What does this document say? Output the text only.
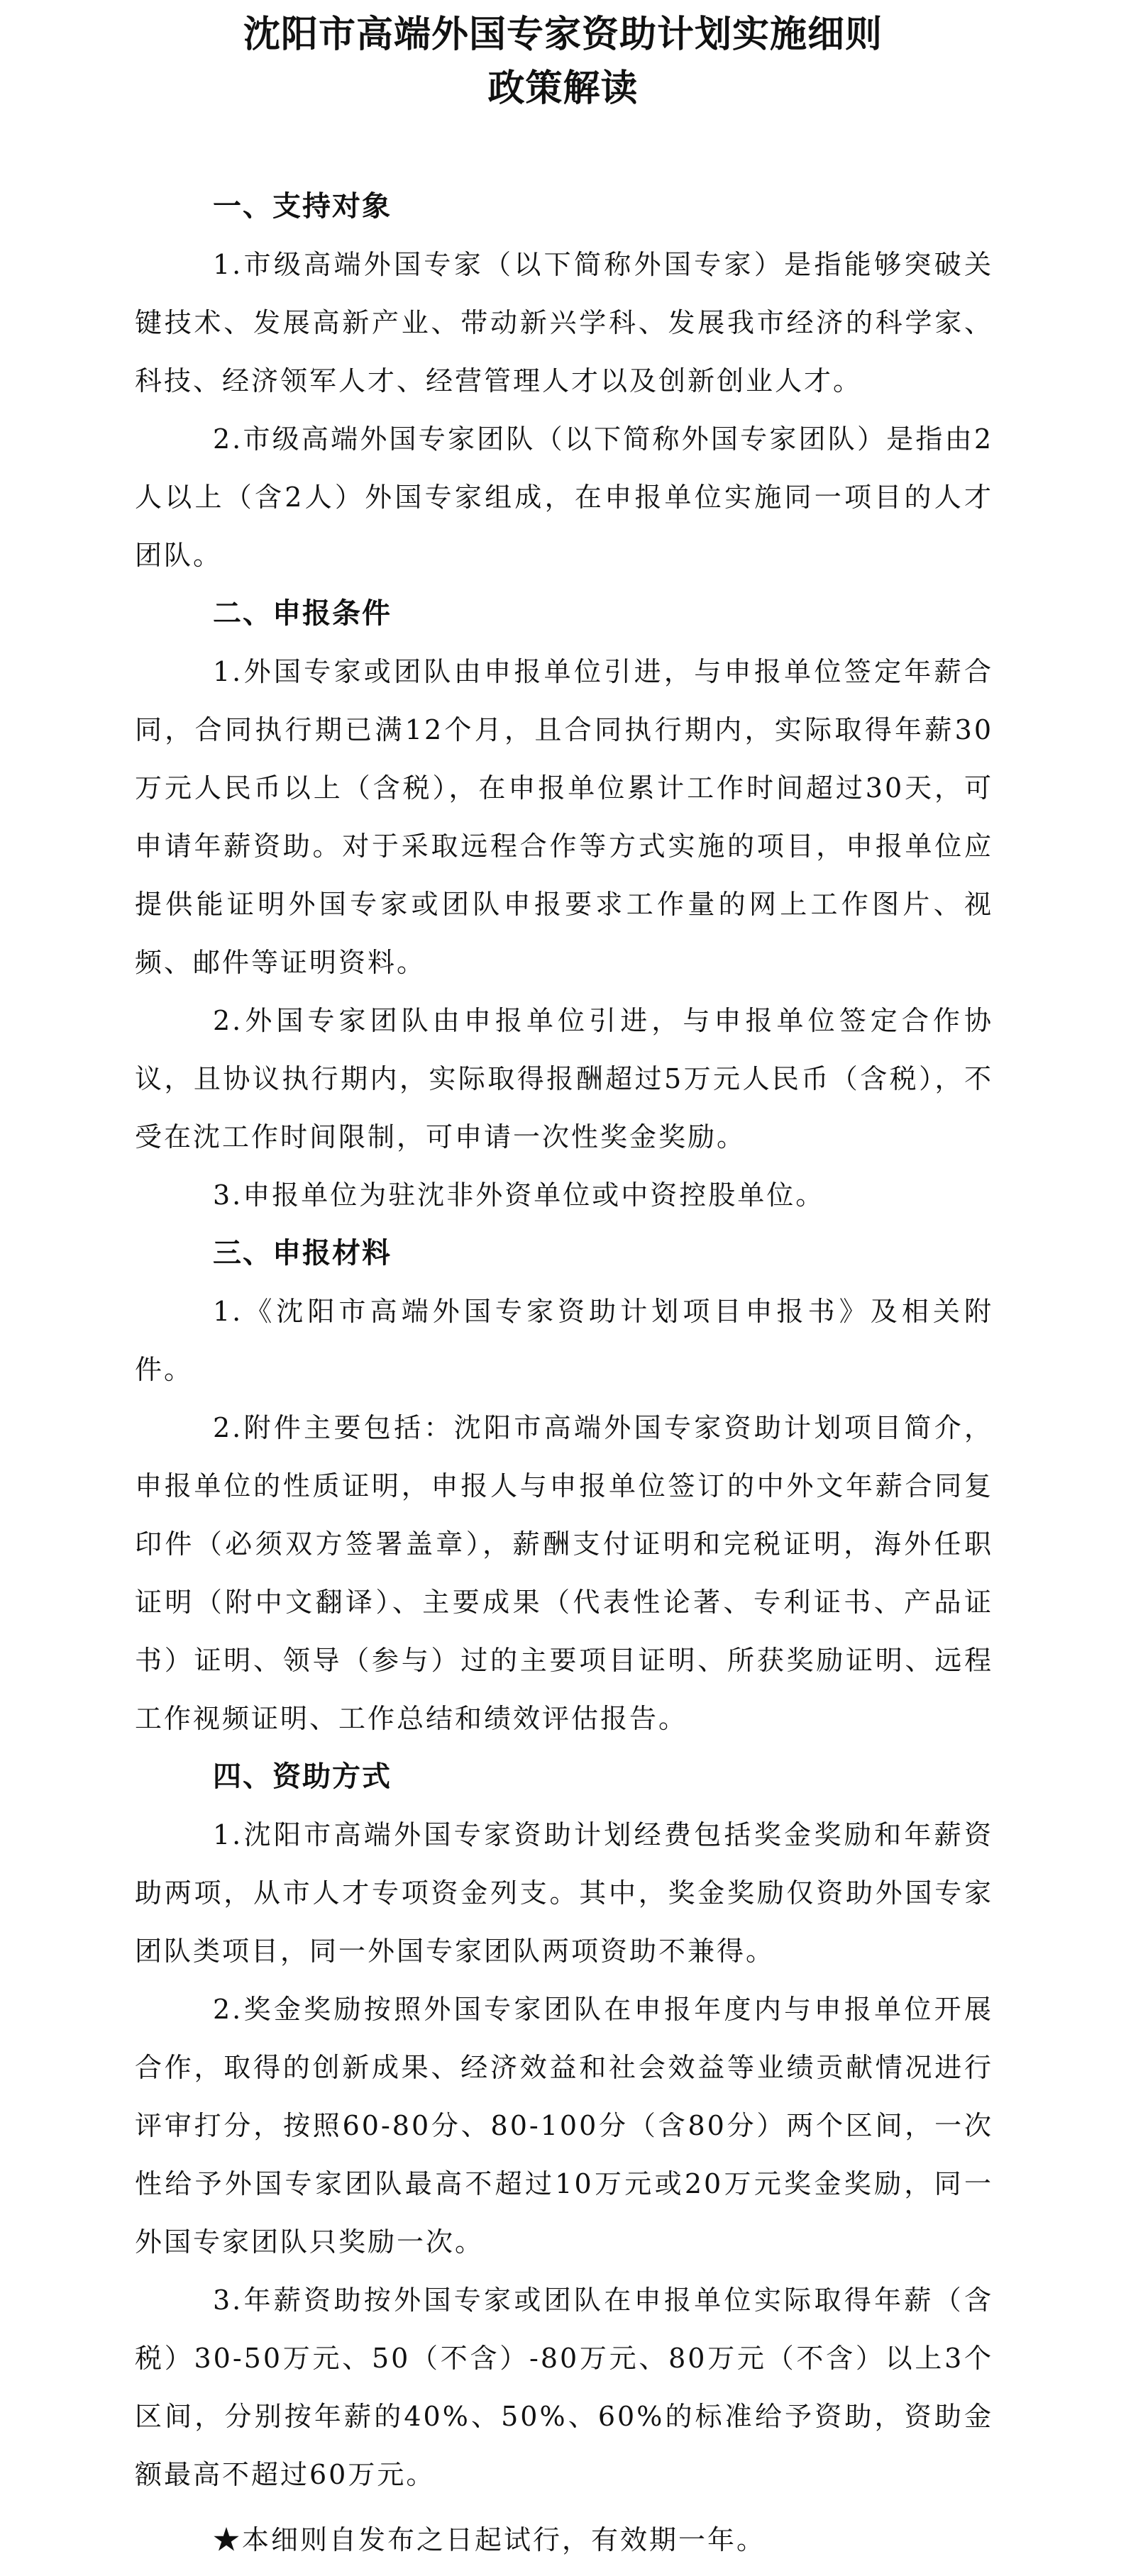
沈阳市高端外国专家资助计划实施细则
政策解读

一、支持对象

1.市级高端外国专家（以下简称外国专家）是指能够突破关键技术、发展高新产业、带动新兴学科、发展我市经济的科学家、科技、经济领军人才、经营管理人才以及创新创业人才。

2.市级高端外国专家团队（以下简称外国专家团队）是指由2人以上（含2人）外国专家组成，在申报单位实施同一项目的人才团队。

二、申报条件

1.外国专家或团队由申报单位引进，与申报单位签定年薪合同，合同执行期已满12个月，且合同执行期内，实际取得年薪30万元人民币以上（含税），在申报单位累计工作时间超过30天，可申请年薪资助。对于采取远程合作等方式实施的项目，申报单位应提供能证明外国专家或团队申报要求工作量的网上工作图片、视频、邮件等证明资料。

2.外国专家团队由申报单位引进，与申报单位签定合作协议，且协议执行期内，实际取得报酬超过5万元人民币（含税），不受在沈工作时间限制，可申请一次性奖金奖励。

3.申报单位为驻沈非外资单位或中资控股单位。

三、申报材料

1.《沈阳市高端外国专家资助计划项目申报书》及相关附件。

2.附件主要包括：沈阳市高端外国专家资助计划项目简介，申报单位的性质证明，申报人与申报单位签订的中外文年薪合同复印件（必须双方签署盖章），薪酬支付证明和完税证明，海外任职证明（附中文翻译）、主要成果（代表性论著、专利证书、产品证书）证明、领导（参与）过的主要项目证明、所获奖励证明、远程工作视频证明、工作总结和绩效评估报告。

四、资助方式

1.沈阳市高端外国专家资助计划经费包括奖金奖励和年薪资助两项，从市人才专项资金列支。其中，奖金奖励仅资助外国专家团队类项目，同一外国专家团队两项资助不兼得。

2.奖金奖励按照外国专家团队在申报年度内与申报单位开展合作，取得的创新成果、经济效益和社会效益等业绩贡献情况进行评审打分，按照60-80分、80-100分（含80分）两个区间，一次性给予外国专家团队最高不超过10万元或20万元奖金奖励，同一外国专家团队只奖励一次。

3.年薪资助按外国专家或团队在申报单位实际取得年薪（含税）30-50万元、50（不含）-80万元、80万元（不含）以上3个区间，分别按年薪的40%、50%、60%的标准给予资助，资助金额最高不超过60万元。

★本细则自发布之日起试行，有效期一年。
